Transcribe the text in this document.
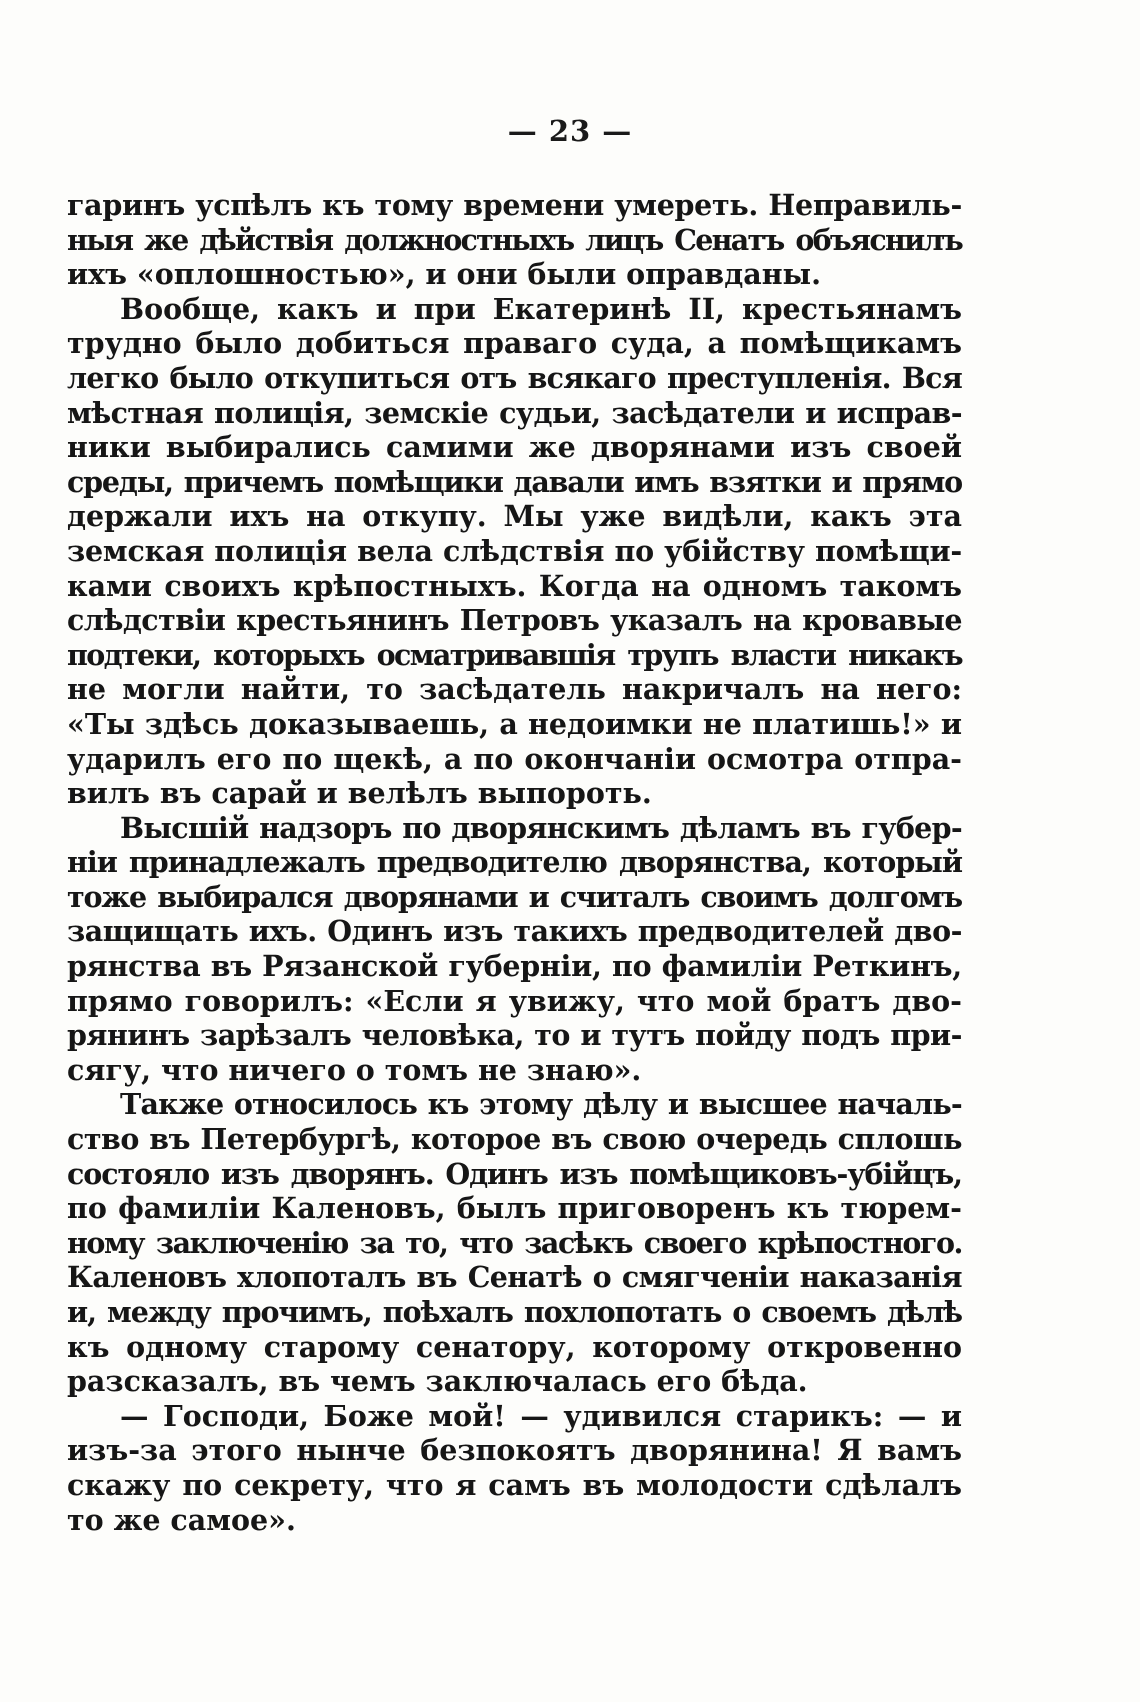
— 23 —
гаринъ успѣлъ къ тому времени умереть. Неправиль-
ныя же дѣйствія должностныхъ лицъ Сенатъ объяснилъ
ихъ «оплошностью», и они были оправданы.
Вообще, какъ и при Екатеринѣ II, крестьянамъ
трудно было добиться праваго суда, а помѣщикамъ
легко было откупиться отъ всякаго преступленія. Вся
мѣстная полиція, земскіе судьи, засѣдатели и исправ-
ники выбирались самими же дворянами изъ своей
среды, причемъ помѣщики давали имъ взятки и прямо
держали ихъ на откупу. Мы уже видѣли, какъ эта
земская полиція вела слѣдствія по убійству помѣщи-
ками своихъ крѣпостныхъ. Когда на одномъ такомъ
слѣдствіи крестьянинъ Петровъ указалъ на кровавые
подтеки, которыхъ осматривавшія трупъ власти никакъ
не могли найти, то засѣдатель накричалъ на него:
«Ты здѣсь доказываешь, а недоимки не платишь!» и
ударилъ его по щекѣ, а по окончаніи осмотра отпра-
вилъ въ сарай и велѣлъ выпороть.
Высшій надзоръ по дворянскимъ дѣламъ въ губер-
ніи принадлежалъ предводителю дворянства, который
тоже выбирался дворянами и считалъ своимъ долгомъ
защищать ихъ. Одинъ изъ такихъ предводителей дво-
рянства въ Рязанской губерніи, по фамиліи Реткинъ,
прямо говорилъ: «Если я увижу, что мой братъ дво-
рянинъ зарѣзалъ человѣка, то и тутъ пойду подъ при-
сягу, что ничего о томъ не знаю».
Также относилось къ этому дѣлу и высшее началь-
ство въ Петербургѣ, которое въ свою очередь сплошь
состояло изъ дворянъ. Одинъ изъ помѣщиковъ-убійцъ,
по фамиліи Каленовъ, былъ приговоренъ къ тюрем-
ному заключенію за то, что засѣкъ своего крѣпостного.
Каленовъ хлопоталъ въ Сенатѣ о смягченіи наказанія
и, между прочимъ, поѣхалъ похлопотать о своемъ дѣлѣ
къ одному старому сенатору, которому откровенно
разсказалъ, въ чемъ заключалась его бѣда.
— Господи, Боже мой! — удивился старикъ: — и
изъ-за этого нынче безпокоятъ дворянина! Я вамъ
скажу по секрету, что я самъ въ молодости сдѣлалъ
то же самое».
